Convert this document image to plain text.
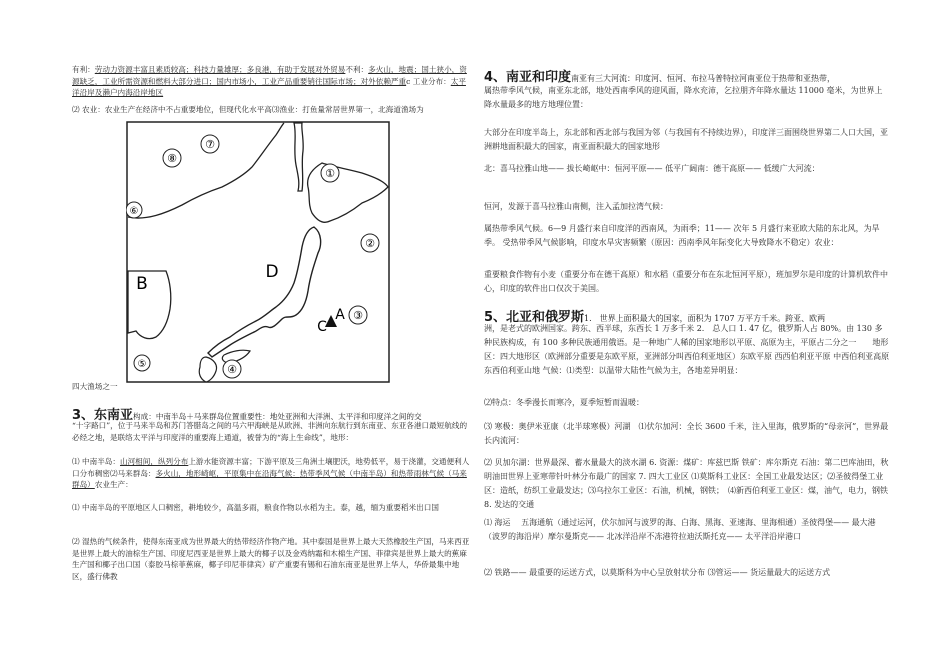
有利：劳动力资源丰富且素质较高；科技力量雄厚；多良港，有助于发展对外贸易不利：多火山，地震；国土狭小，资源缺乏，工业所需资源和燃料大部分进口；国内市场小，工业产品重要销往国际市场；对外依赖严重c 工业分布：太平洋沿岸及濑户内海沿岸地区

⑵ 农业：农业生产在经济中不占重要地位，但现代化水平高⑶渔业：打鱼量常居世界第一，北海道渔场为

⑧
⑦
⑥
⑤
①
②
③
④
D
B
C
A

四大渔场之一

3、东南亚构成：中南半岛＋马来群岛位置重要性：地处亚洲和大洋洲、太平洋和印度洋之间的交

“十字路口”，位于马来半岛和苏门答腊岛之间的马六甲海峡是从欧洲、非洲向东航行到东南亚、东亚各港口最短航线的必经之地，是联络太平洋与印度洋的重要海上通道，被誉为的“海上生命线”，地形：

⑴ 中南半岛：山河相间，纵列分布上游水能资源丰富；下游平原及三角洲土壤肥沃，地势低平，易于浇灌，交通便利人口分布稠密⑵马来群岛：多火山，地形崎岖，平原集中在沿海气候：热带季风气候（中南半岛）和热带雨林气候（马来群岛）农业生产：

⑴ 中南半岛的平原地区人口稠密，耕地较少，高温多雨，粮食作物以水稻为主。泰，越，缅为重要稻米出口国

⑵ 湿热的气候条件，使得东南亚成为世界最大的热带经济作物产地。其中泰国是世界上最大天然橡胶生产国，马来西亚是世界上最大的油棕生产国、印度尼西亚是世界上最大的椰子以及金鸡纳霜和木棉生产国、菲律宾是世界上最大的蕉麻生产国和椰子出口国（泰胶马棕菲蕉麻，椰子印尼菲律宾）矿产重要有锡和石油东南亚是世界上华人，华侨最集中地区，盛行佛教

4、南亚和印度南亚有三大河流：印度河、恒河、布拉马普特拉河南亚位于热带和亚热带，

属热带季风气候，南亚东北部，地处西南季风的迎风面，降水充沛，乞拉朋齐年降水量达 11000 毫米，为世界上降水量最多的地方地理位置：

大部分在印度半岛上，东北部和西北部与我国为邻（与我国有不持续边界），印度洋三面围绕世界第二人口大国，亚洲耕地面积最大的国家，南亚面积最大的国家地形

北：喜马拉雅山地—— 拔长崎岖中：恒河平原—— 低平广阔南：德干高原—— 低缓广大河流：

恒河，发源于喜马拉雅山南侧，注入孟加拉湾气候：

属热带季风气候。6—9 月盛行来自印度洋的西南风，为雨季；11—— 次年 5 月盛行来亚欧大陆的东北风，为旱季。 受热带季风气候影响，印度水旱灾害频繁（原因：西南季风年际变化大导致降水不稳定）农业：

重要粮食作物有小麦（重要分布在德干高原）和水稻（重要分布在东北恒河平原），班加罗尔是印度的计算机软件中心，印度的软件出口仅次于美国。

5、北亚和俄罗斯1.　世界上面积最大的国家，面积为 1707 万平方千米。跨亚、欧两

洲，是老式的欧洲国家。跨东、西半球，东西长 1 万多千米 2.　总人口 1. 47 亿，俄罗斯人占 80%。由 130 多种民族构成，有 100 多种民族通用俄语。是一种地广人稀的国家地形以平原、高原为主，平原占二分之一　　地形区：四大地形区（欧洲部分重要是东欧平原，亚洲部分叫西伯利亚地区）东欧平原 西西伯利亚平原 中西伯利亚高原 东西伯利亚山地 气候：⑴类型：以温带大陆性气候为主，各地差异明显：

⑵特点：冬季漫长而寒冷，夏季短暂而温暖：

⑶ 寒极：奥伊米亚康（北半球寒极）河湖　⑴伏尔加河：全长 3600 千米，注入里海，俄罗斯的“母亲河”，世界最长内流河：

⑵ 贝加尔湖：世界最深、蓄水量最大的淡水湖 6. 资源：煤矿：库兹巴斯 铁矿：库尔斯克 石油：第二巴库油田，秋明油田世界上亚寒带针叶林分布最广的国家 7. 四大工业区 ⑴莫斯科工业区：全国工业最发达区；⑵圣彼得堡工业区：造纸，纺织工业最发达；⑶乌拉尔工业区：石油，机械，钢铁；　⑷新西伯利亚工业区：煤，油气，电力，钢铁 8. 发达的交通

⑴ 海运　 五海通航（通过运河，伏尔加河与波罗的海、白海、黑海、亚速海、里海相通）圣彼得堡—— 最大港（波罗的海沿岸）摩尔曼斯克—— 北冰洋沿岸不冻港符拉迪沃斯托克—— 太平洋沿岸港口

⑵ 铁路—— 最重要的运送方式，以莫斯科为中心呈放射状分布 ⑶管运—— 货运量最大的运送方式
